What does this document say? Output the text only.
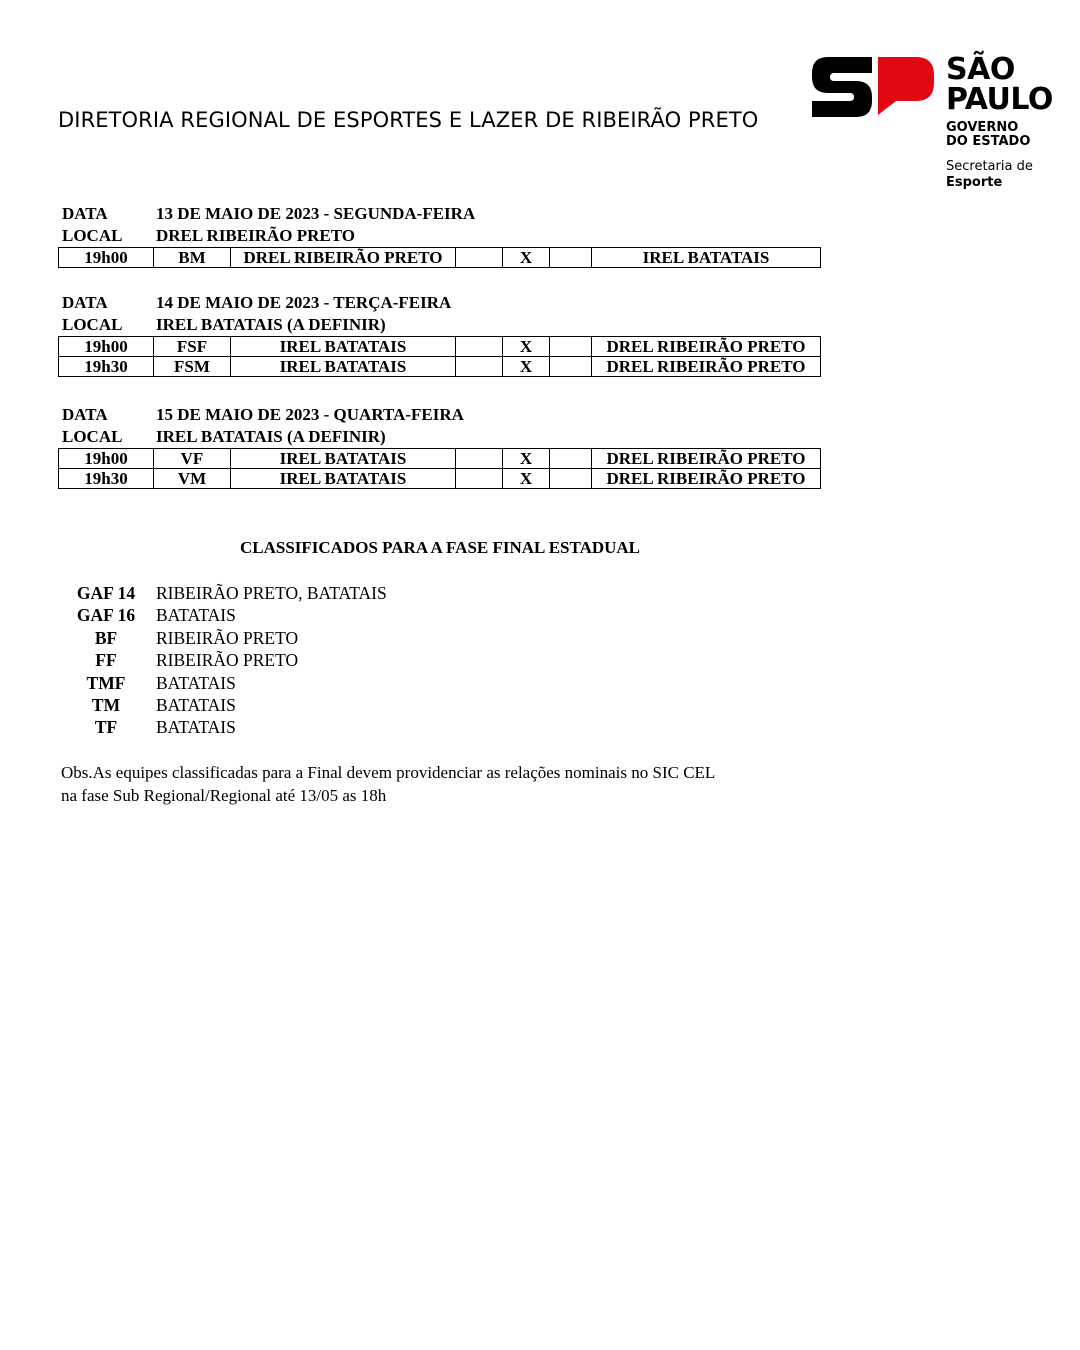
DIRETORIA REGIONAL DE ESPORTES E LAZER DE RIBEIRÃO PRETO
SÃO
PAULO
GOVERNO
DO ESTADO
Secretaria de
Esporte
DATA	13 DE MAIO DE 2023 - SEGUNDA-FEIRA
LOCAL DREL RIBEIRÃO PRETO
19h00	BM	DREL RIBEIRÃO PRETO		X		IREL BATATAIS
DATA	14 DE MAIO DE 2023 - TERÇA-FEIRA
LOCAL IREL BATATAIS (A DEFINIR)
19h00	FSF	IREL BATATAIS		X		DREL RIBEIRÃO PRETO
19h30	FSM	IREL BATATAIS		X		DREL RIBEIRÃO PRETO
DATA	15 DE MAIO DE 2023 - QUARTA-FEIRA
LOCAL IREL BATATAIS (A DEFINIR)
19h00	VF	IREL BATATAIS		X		DREL RIBEIRÃO PRETO
19h30	VM	IREL BATATAIS		X		DREL RIBEIRÃO PRETO
CLASSIFICADOS PARA A FASE FINAL ESTADUAL
GAF 14	RIBEIRÃO PRETO, BATATAIS
GAF 16	BATATAIS
BF	RIBEIRÃO PRETO
FF	RIBEIRÃO PRETO
TMF	BATATAIS
TM	BATATAIS
TF	BATATAIS
Obs.As equipes classificadas para a Final devem providenciar as relações nominais no SIC CEL
na fase Sub Regional/Regional até 13/05 as 18h
